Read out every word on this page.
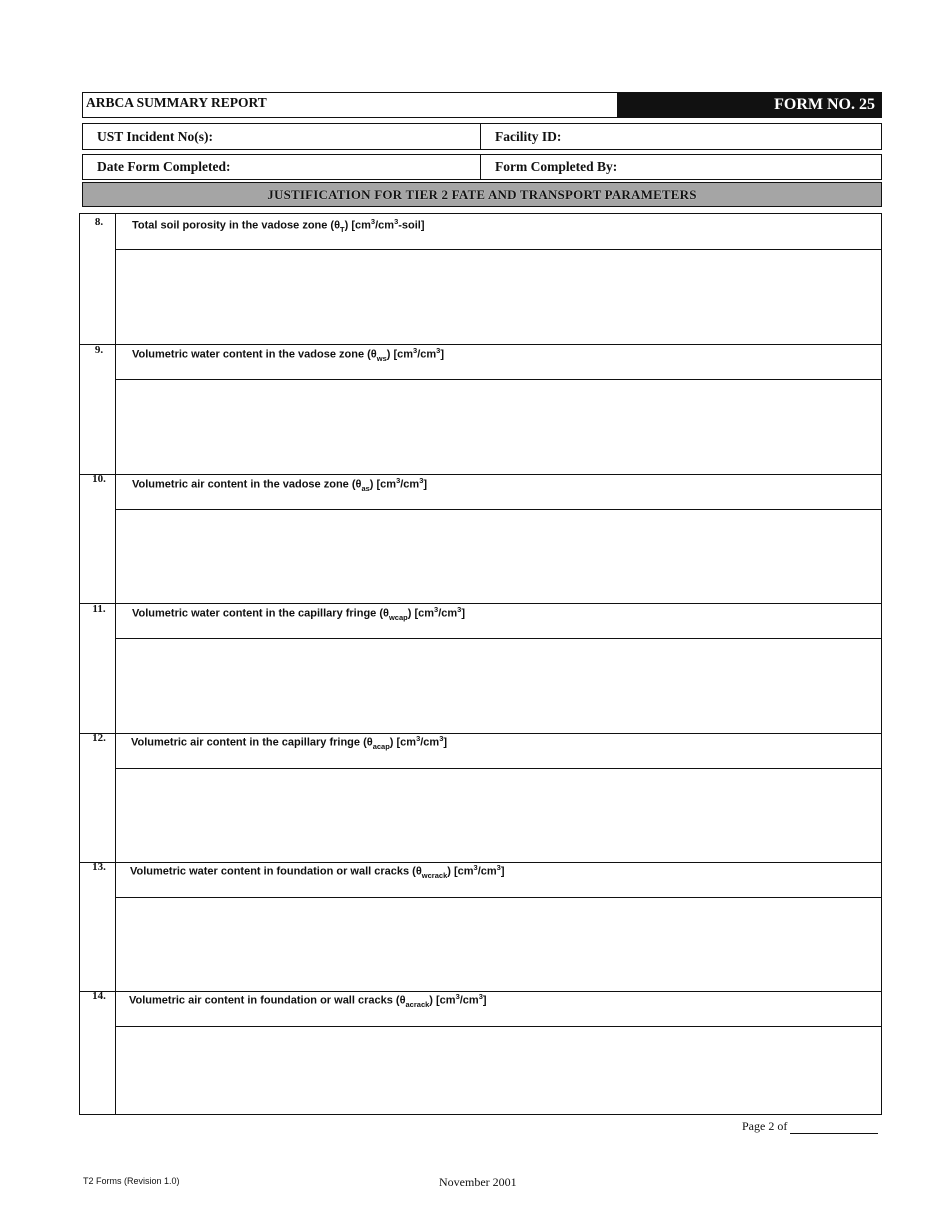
ARBCA SUMMARY REPORT	FORM NO. 25
UST Incident No(s):	Facility ID:
Date Form Completed:	Form Completed By:
JUSTIFICATION FOR TIER 2 FATE AND TRANSPORT PARAMETERS
8.	Total soil porosity in the vadose zone $(\theta_T)$ $[cm^3/cm^3-soil]$
9.	Volumetric water content in the vadose zone $(\theta_{ws})$ $[cm^3/cm^3]$
10.	Volumetric air content in the vadose zone $(\theta_{as})$ $[cm^3/cm^3]$
11.	Volumetric water content in the capillary fringe $(\theta_{wcap})$ $[cm^3/cm^3]$
12.	Volumetric air content in the capillary fringe $(\theta_{acap})$ $[cm^3/cm^3]$
13.	Volumetric water content in foundation or wall cracks $(\theta_{wcrack})$ $[cm^3/cm^3]$
14.	Volumetric air content in foundation or wall cracks $(\theta_{acrack})$ $[cm^3/cm^3]$
Page 2 of
T2 Forms (Revision 1.0)	November 2001
